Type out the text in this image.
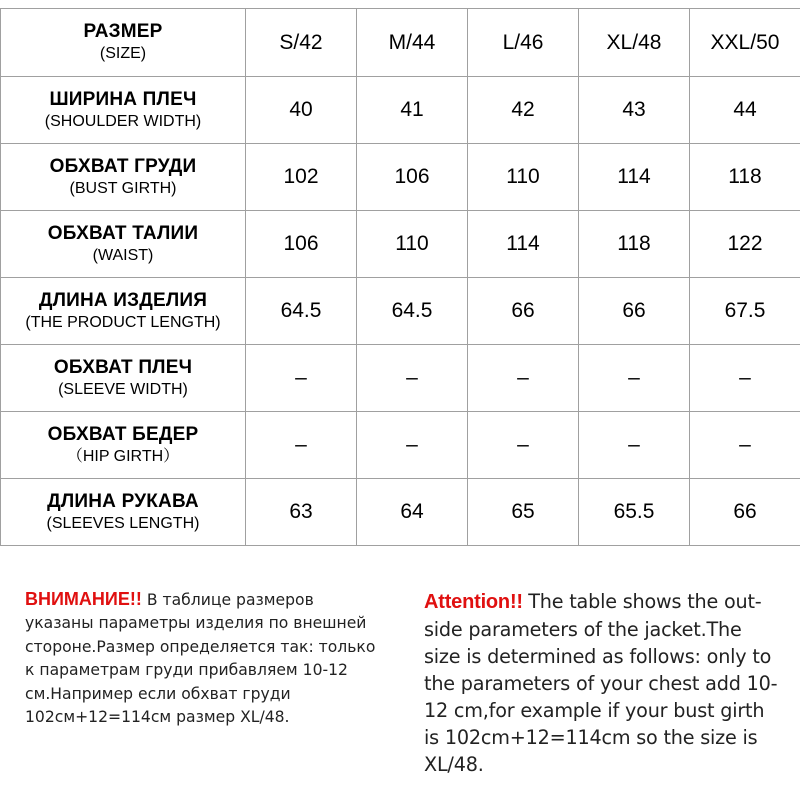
РАЗМЕР
(SIZE)	S/42	M/44	L/46	XL/48	XXL/50

ШИРИНА ПЛЕЧ
(SHOULDER WIDTH)	40	41	42	43	44

ОБХВАТ ГРУДИ
(BUST GIRTH)	102	106	110	114	118

ОБХВАТ ТАЛИИ
(WAIST)	106	110	114	118	122

ДЛИНА ИЗДЕЛИЯ
(THE PRODUCT LENGTH)	64.5	64.5	66	66	67.5

ОБХВАТ ПЛЕЧ
(SLEEVE WIDTH)	–	–	–	–	–

ОБХВАТ БЕДЕР
（HIP GIRTH）	–	–	–	–	–

ДЛИНА РУКАВА
(SLEEVES LENGTH)	63	64	65	65.5	66
ВНИМАНИЕ!! В таблице размеров указаны параметры изделия по внешней стороне.Размер определяется так: только к параметрам груди прибавляем 10-12 см.Например если обхват груди 102см+12=114см размер XL/48.
Attention!! The table shows the out-side parameters of the jacket.The size is determined as follows: only to the parameters of your chest add 10-12 cm,for example if your bust girth is 102cm+12=114cm so the size is XL/48.
